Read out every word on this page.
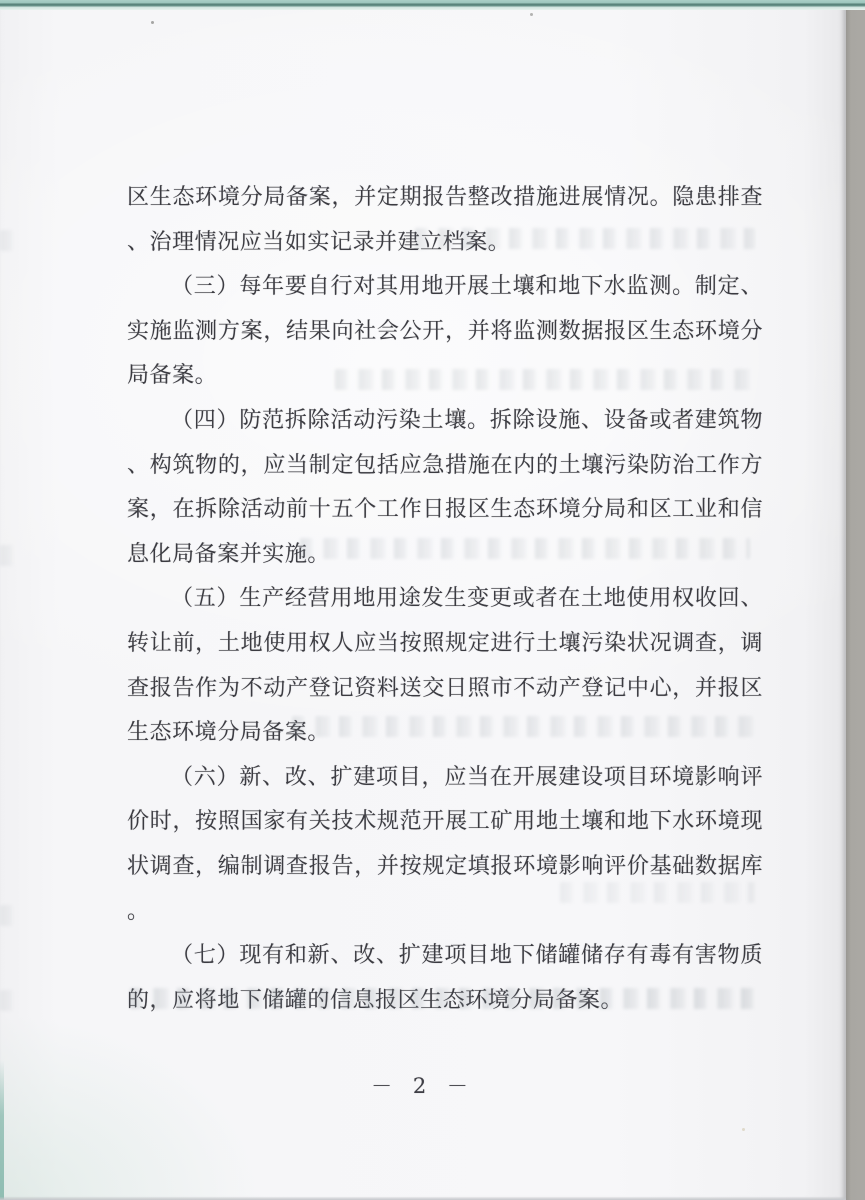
区生态环境分局备案，并定期报告整改措施进展情况。隐患排查、治理情况应当如实记录并建立档案。

（三）每年要自行对其用地开展土壤和地下水监测。制定、实施监测方案，结果向社会公开，并将监测数据报区生态环境分局备案。

（四）防范拆除活动污染土壤。拆除设施、设备或者建筑物、构筑物的，应当制定包括应急措施在内的土壤污染防治工作方案，在拆除活动前十五个工作日报区生态环境分局和区工业和信息化局备案并实施。

（五）生产经营用地用途发生变更或者在土地使用权收回、转让前，土地使用权人应当按照规定进行土壤污染状况调查，调查报告作为不动产登记资料送交日照市不动产登记中心，并报区生态环境分局备案。

（六）新、改、扩建项目，应当在开展建设项目环境影响评价时，按照国家有关技术规范开展工矿用地土壤和地下水环境现状调查，编制调查报告，并按规定填报环境影响评价基础数据库。

（七）现有和新、改、扩建项目地下储罐储存有毒有害物质的，应将地下储罐的信息报区生态环境分局备案。

－ 2 －
